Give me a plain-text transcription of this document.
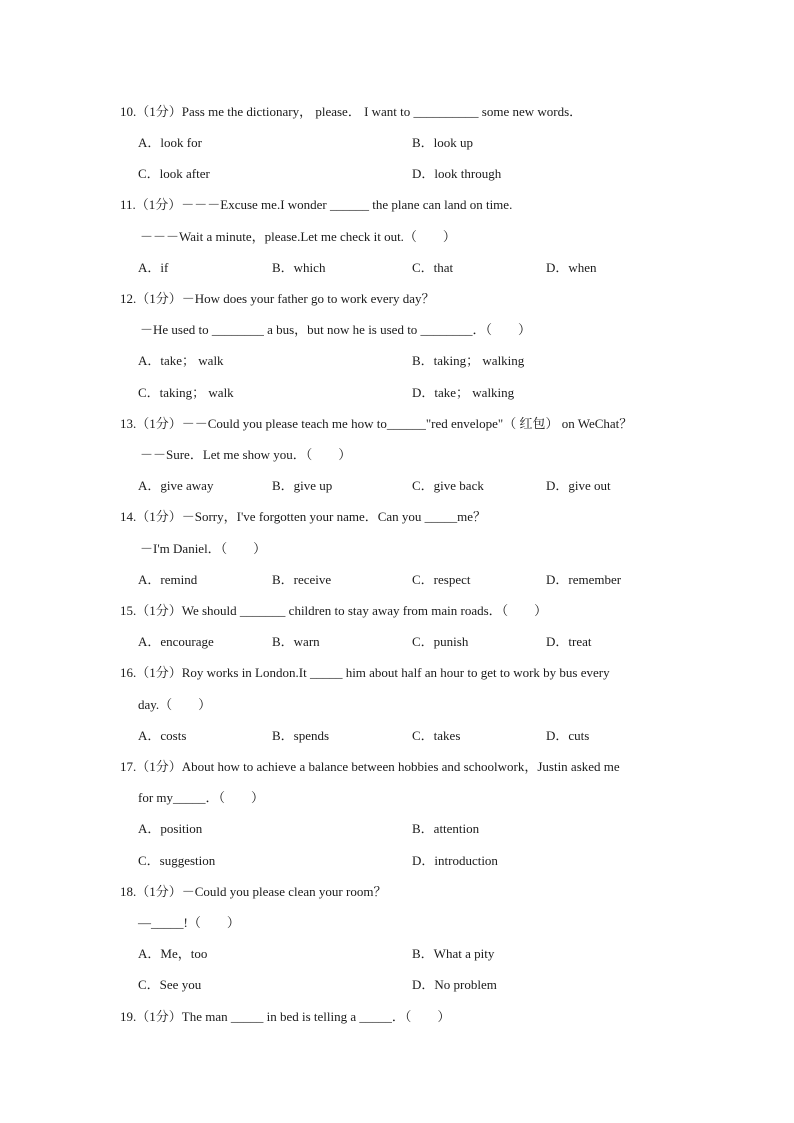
10.（1分）Pass me the dictionary， please． I want to __________ some new words．
A．look for	B．look up
C．look after	D．look through
11.（1分）－－－Excuse me.I wonder ______ the plane can land on time.
－－－Wait a minute，please.Let me check it out.（　　）
A．if	B．which	C．that	D．when
12.（1分）－How does your father go to work every day？
－He used to ________ a bus，but now he is used to ________．（　　）
A．take； walk	B．taking； walking
C．taking； walk	D．take； walking
13.（1分）－－Could you please teach me how to______"red envelope"（ 红包） on WeChat？
－－Sure．Let me show you．（　　）
A．give away	B．give up	C．give back	D．give out
14.（1分）－Sorry，I've forgotten your name．Can you _____me？
－I'm Daniel．（　　）
A．remind	B．receive	C．respect	D．remember
15.（1分）We should _______ children to stay away from main roads．（　　）
A．encourage	B．warn	C．punish	D．treat
16.（1分）Roy works in London.It _____ him about half an hour to get to work by bus every
day.（　　）
A．costs	B．spends	C．takes	D．cuts
17.（1分）About how to achieve a balance between hobbies and schoolwork，Justin asked me
for my_____．（　　）
A．position	B．attention
C．suggestion	D．introduction
18.（1分）－Could you please clean your room？
—_____!（　　）
A．Me，too	B．What a pity
C．See you	D．No problem
19.（1分）The man _____ in bed is telling a _____．（　　）
